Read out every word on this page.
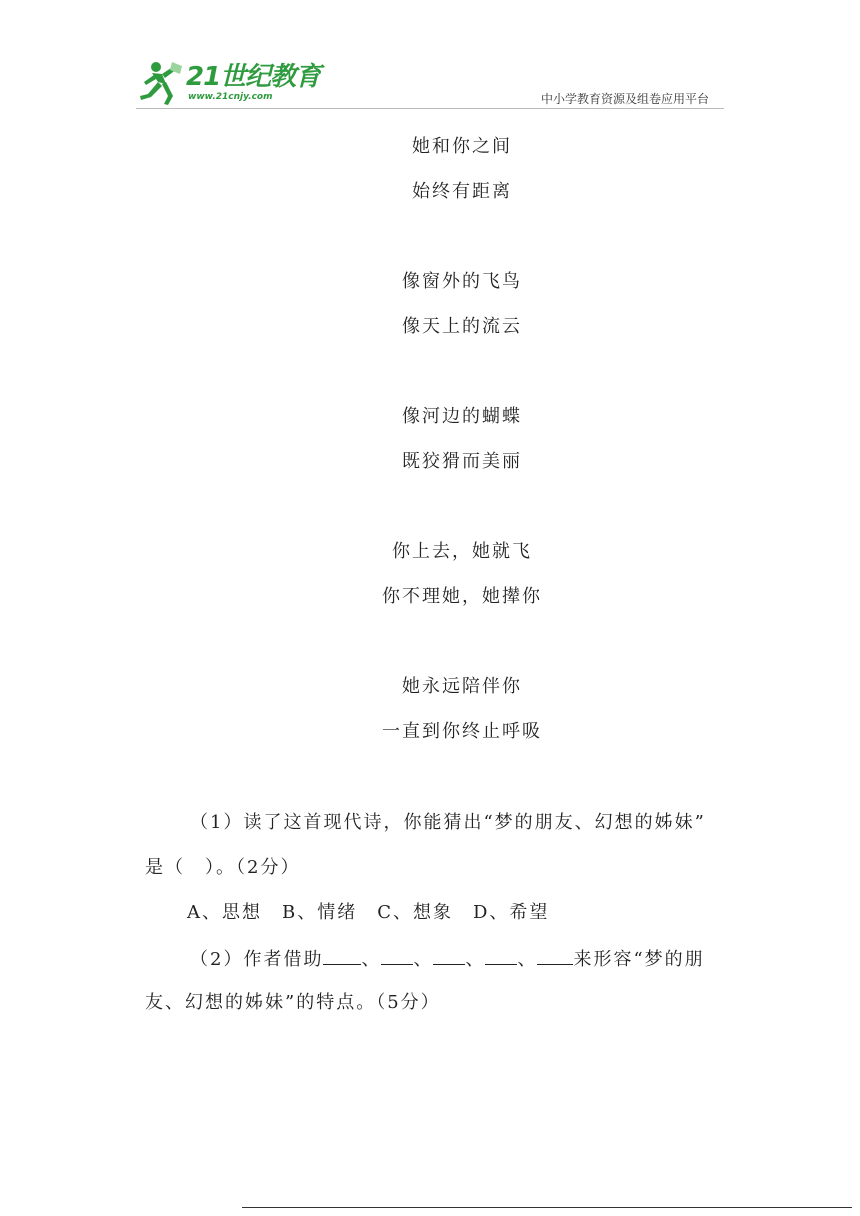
21世纪教育
www.21cnjy.com	中小学教育资源及组卷应用平台
她和你之间
始终有距离
像窗外的飞鸟
像天上的流云
像河边的蝴蝶
既狡猾而美丽
你上去，她就飞
你不理她，她撵你
她永远陪伴你
一直到你终止呼吸
（1）读了这首现代诗，你能猜出“梦的朋友、幻想的姊妹”
是（　）。（2分）
A、思想　B、情绪　C、想象　D、希望
（2）作者借助 、 、 、 、 来形容“梦的朋
友、幻想的姊妹”的特点。（5分）
